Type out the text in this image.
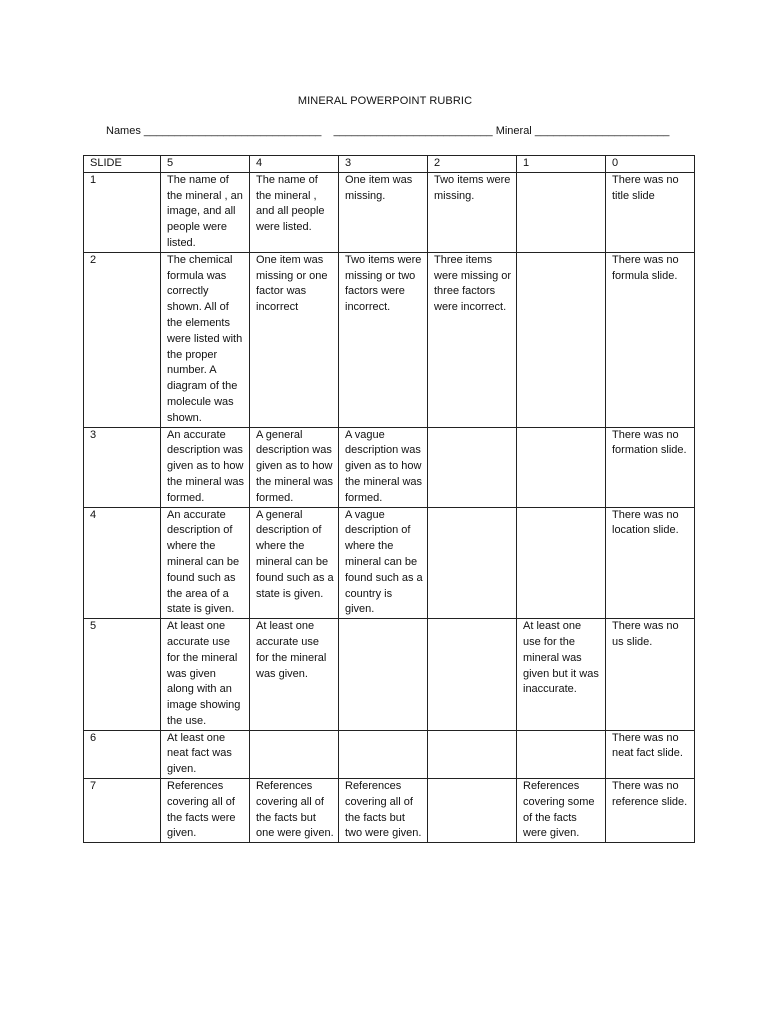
MINERAL POWERPOINT RUBRIC
Names _____________________________ __________________________ Mineral ______________________
SLIDE	5	4	3	2	1	0
1	The name of the mineral , an image, and all people were listed.	The name of the mineral , and all people were listed.	One item was missing.	Two items were missing.		There was no title slide
2	The chemical formula was correctly shown. All of the elements were listed with the proper number. A diagram of the molecule was shown.	One item was missing or one factor was incorrect	Two items were missing or two factors were incorrect.	Three items were missing or three factors were incorrect.		There was no formula slide.
3	An accurate description was given as to how the mineral was formed.	A general description was given as to how the mineral was formed.	A vague description was given as to how the mineral was formed.			There was no formation slide.
4	An accurate description of where the mineral can be found such as the area of a state is given.	A general description of where the mineral can be found such as a state is given.	A vague description of where the mineral can be found such as a country is given.			There was no location slide.
5	At least one accurate use for the mineral was given along with an image showing the use.	At least one accurate use for the mineral was given.			At least one use for the mineral was given but it was inaccurate.	There was no us slide.
6	At least one neat fact was given.					There was no neat fact slide.
7	References covering all of the facts were given.	References covering all of the facts but one were given.	References covering all of the facts but two were given.		References covering some of the facts were given.	There was no reference slide.
